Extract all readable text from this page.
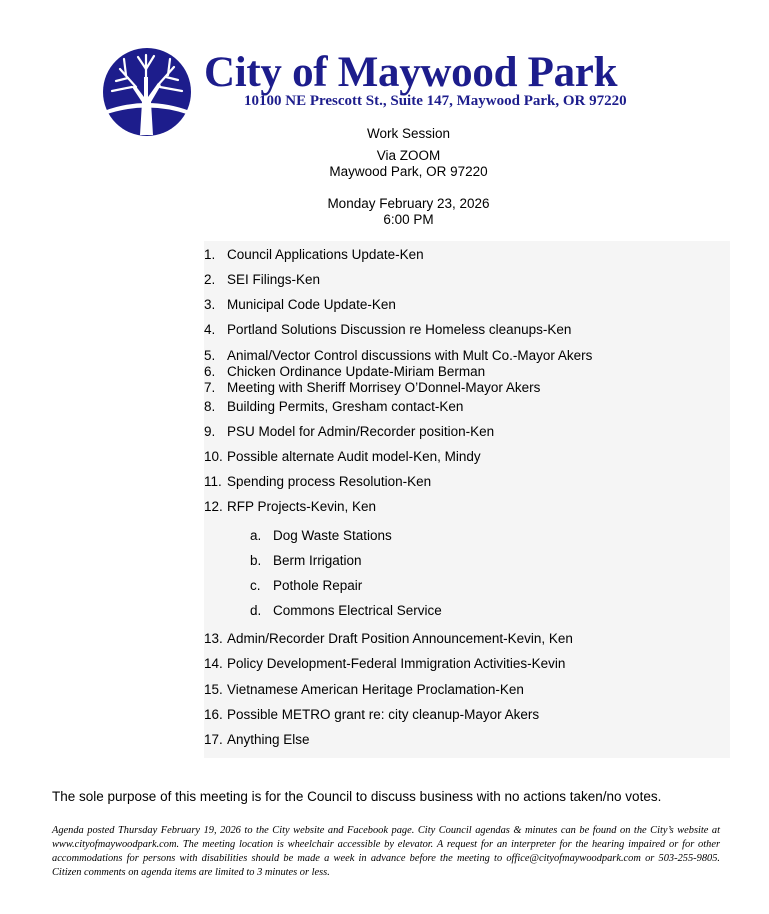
City of Maywood Park
10100 NE Prescott St., Suite 147, Maywood Park, OR 97220
Work Session
Via ZOOM
Maywood Park, OR 97220
Monday February 23, 2026
6:00 PM
1. Council Applications Update-Ken
2. SEI Filings-Ken
3. Municipal Code Update-Ken
4. Portland Solutions Discussion re Homeless cleanups-Ken
5. Animal/Vector Control discussions with Mult Co.-Mayor Akers
6. Chicken Ordinance Update-Miriam Berman
7. Meeting with Sheriff Morrisey O’Donnel-Mayor Akers
8. Building Permits, Gresham contact-Ken
9. PSU Model for Admin/Recorder position-Ken
10. Possible alternate Audit model-Ken, Mindy
11. Spending process Resolution-Ken
12. RFP Projects-Kevin, Ken
a. Dog Waste Stations
b. Berm Irrigation
c. Pothole Repair
d. Commons Electrical Service
13. Admin/Recorder Draft Position Announcement-Kevin, Ken
14. Policy Development-Federal Immigration Activities-Kevin
15. Vietnamese American Heritage Proclamation-Ken
16. Possible METRO grant re: city cleanup-Mayor Akers
17. Anything Else
The sole purpose of this meeting is for the Council to discuss business with no actions taken/no votes.
Agenda posted Thursday February 19, 2026 to the City website and Facebook page. City Council agendas & minutes can be found on the City’s website at www.cityofmaywoodpark.com. The meeting location is wheelchair accessible by elevator. A request for an interpreter for the hearing impaired or for other accommodations for persons with disabilities should be made a week in advance before the meeting to office@cityofmaywoodpark.com or 503-255-9805. Citizen comments on agenda items are limited to 3 minutes or less.
